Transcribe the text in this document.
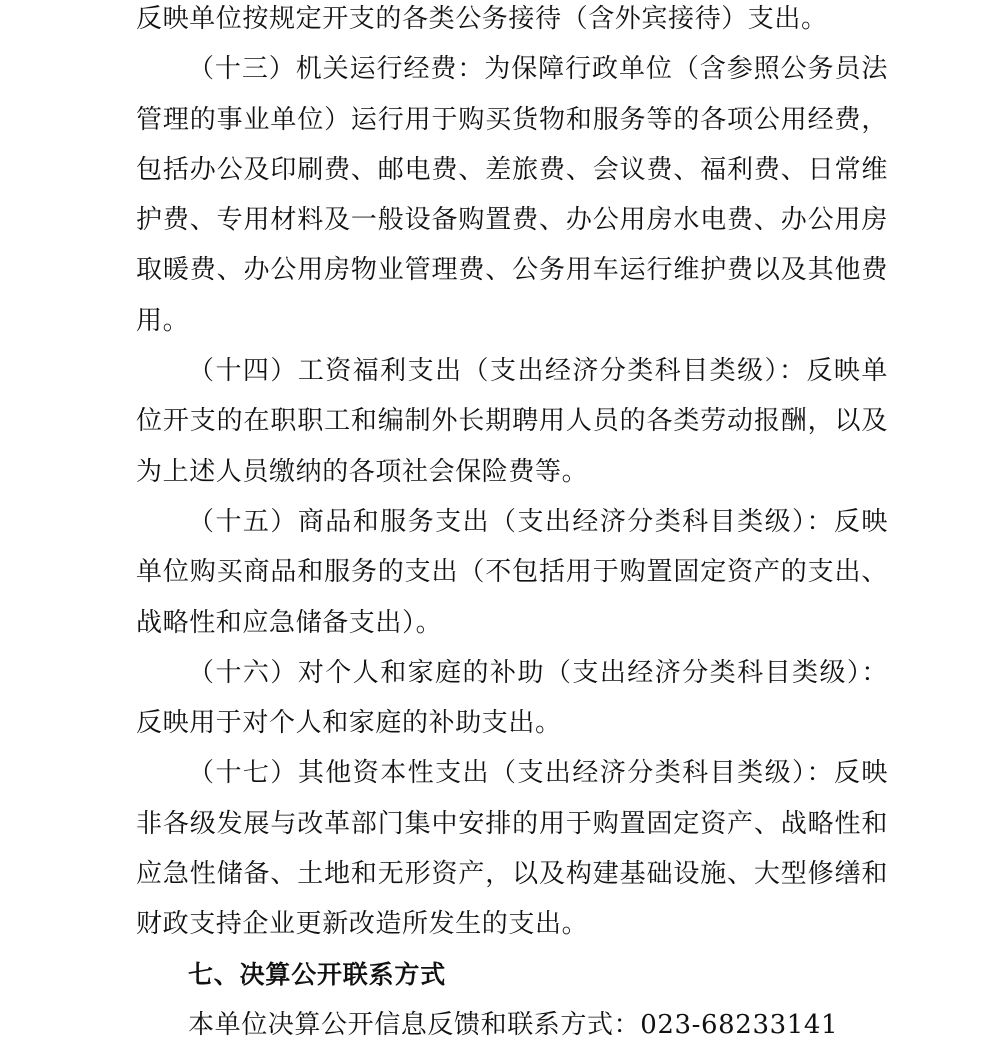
反映单位按规定开支的各类公务接待（含外宾接待）支出。

（十三）机关运行经费：为保障行政单位（含参照公务员法管理的事业单位）运行用于购买货物和服务等的各项公用经费，包括办公及印刷费、邮电费、差旅费、会议费、福利费、日常维护费、专用材料及一般设备购置费、办公用房水电费、办公用房取暖费、办公用房物业管理费、公务用车运行维护费以及其他费用。

（十四）工资福利支出（支出经济分类科目类级）：反映单位开支的在职职工和编制外长期聘用人员的各类劳动报酬，以及为上述人员缴纳的各项社会保险费等。

（十五）商品和服务支出（支出经济分类科目类级）：反映单位购买商品和服务的支出（不包括用于购置固定资产的支出、战略性和应急储备支出）。

（十六）对个人和家庭的补助（支出经济分类科目类级）：反映用于对个人和家庭的补助支出。

（十七）其他资本性支出（支出经济分类科目类级）：反映非各级发展与改革部门集中安排的用于购置固定资产、战略性和应急性储备、土地和无形资产，以及构建基础设施、大型修缮和财政支持企业更新改造所发生的支出。

七、决算公开联系方式

本单位决算公开信息反馈和联系方式：023-68233141
